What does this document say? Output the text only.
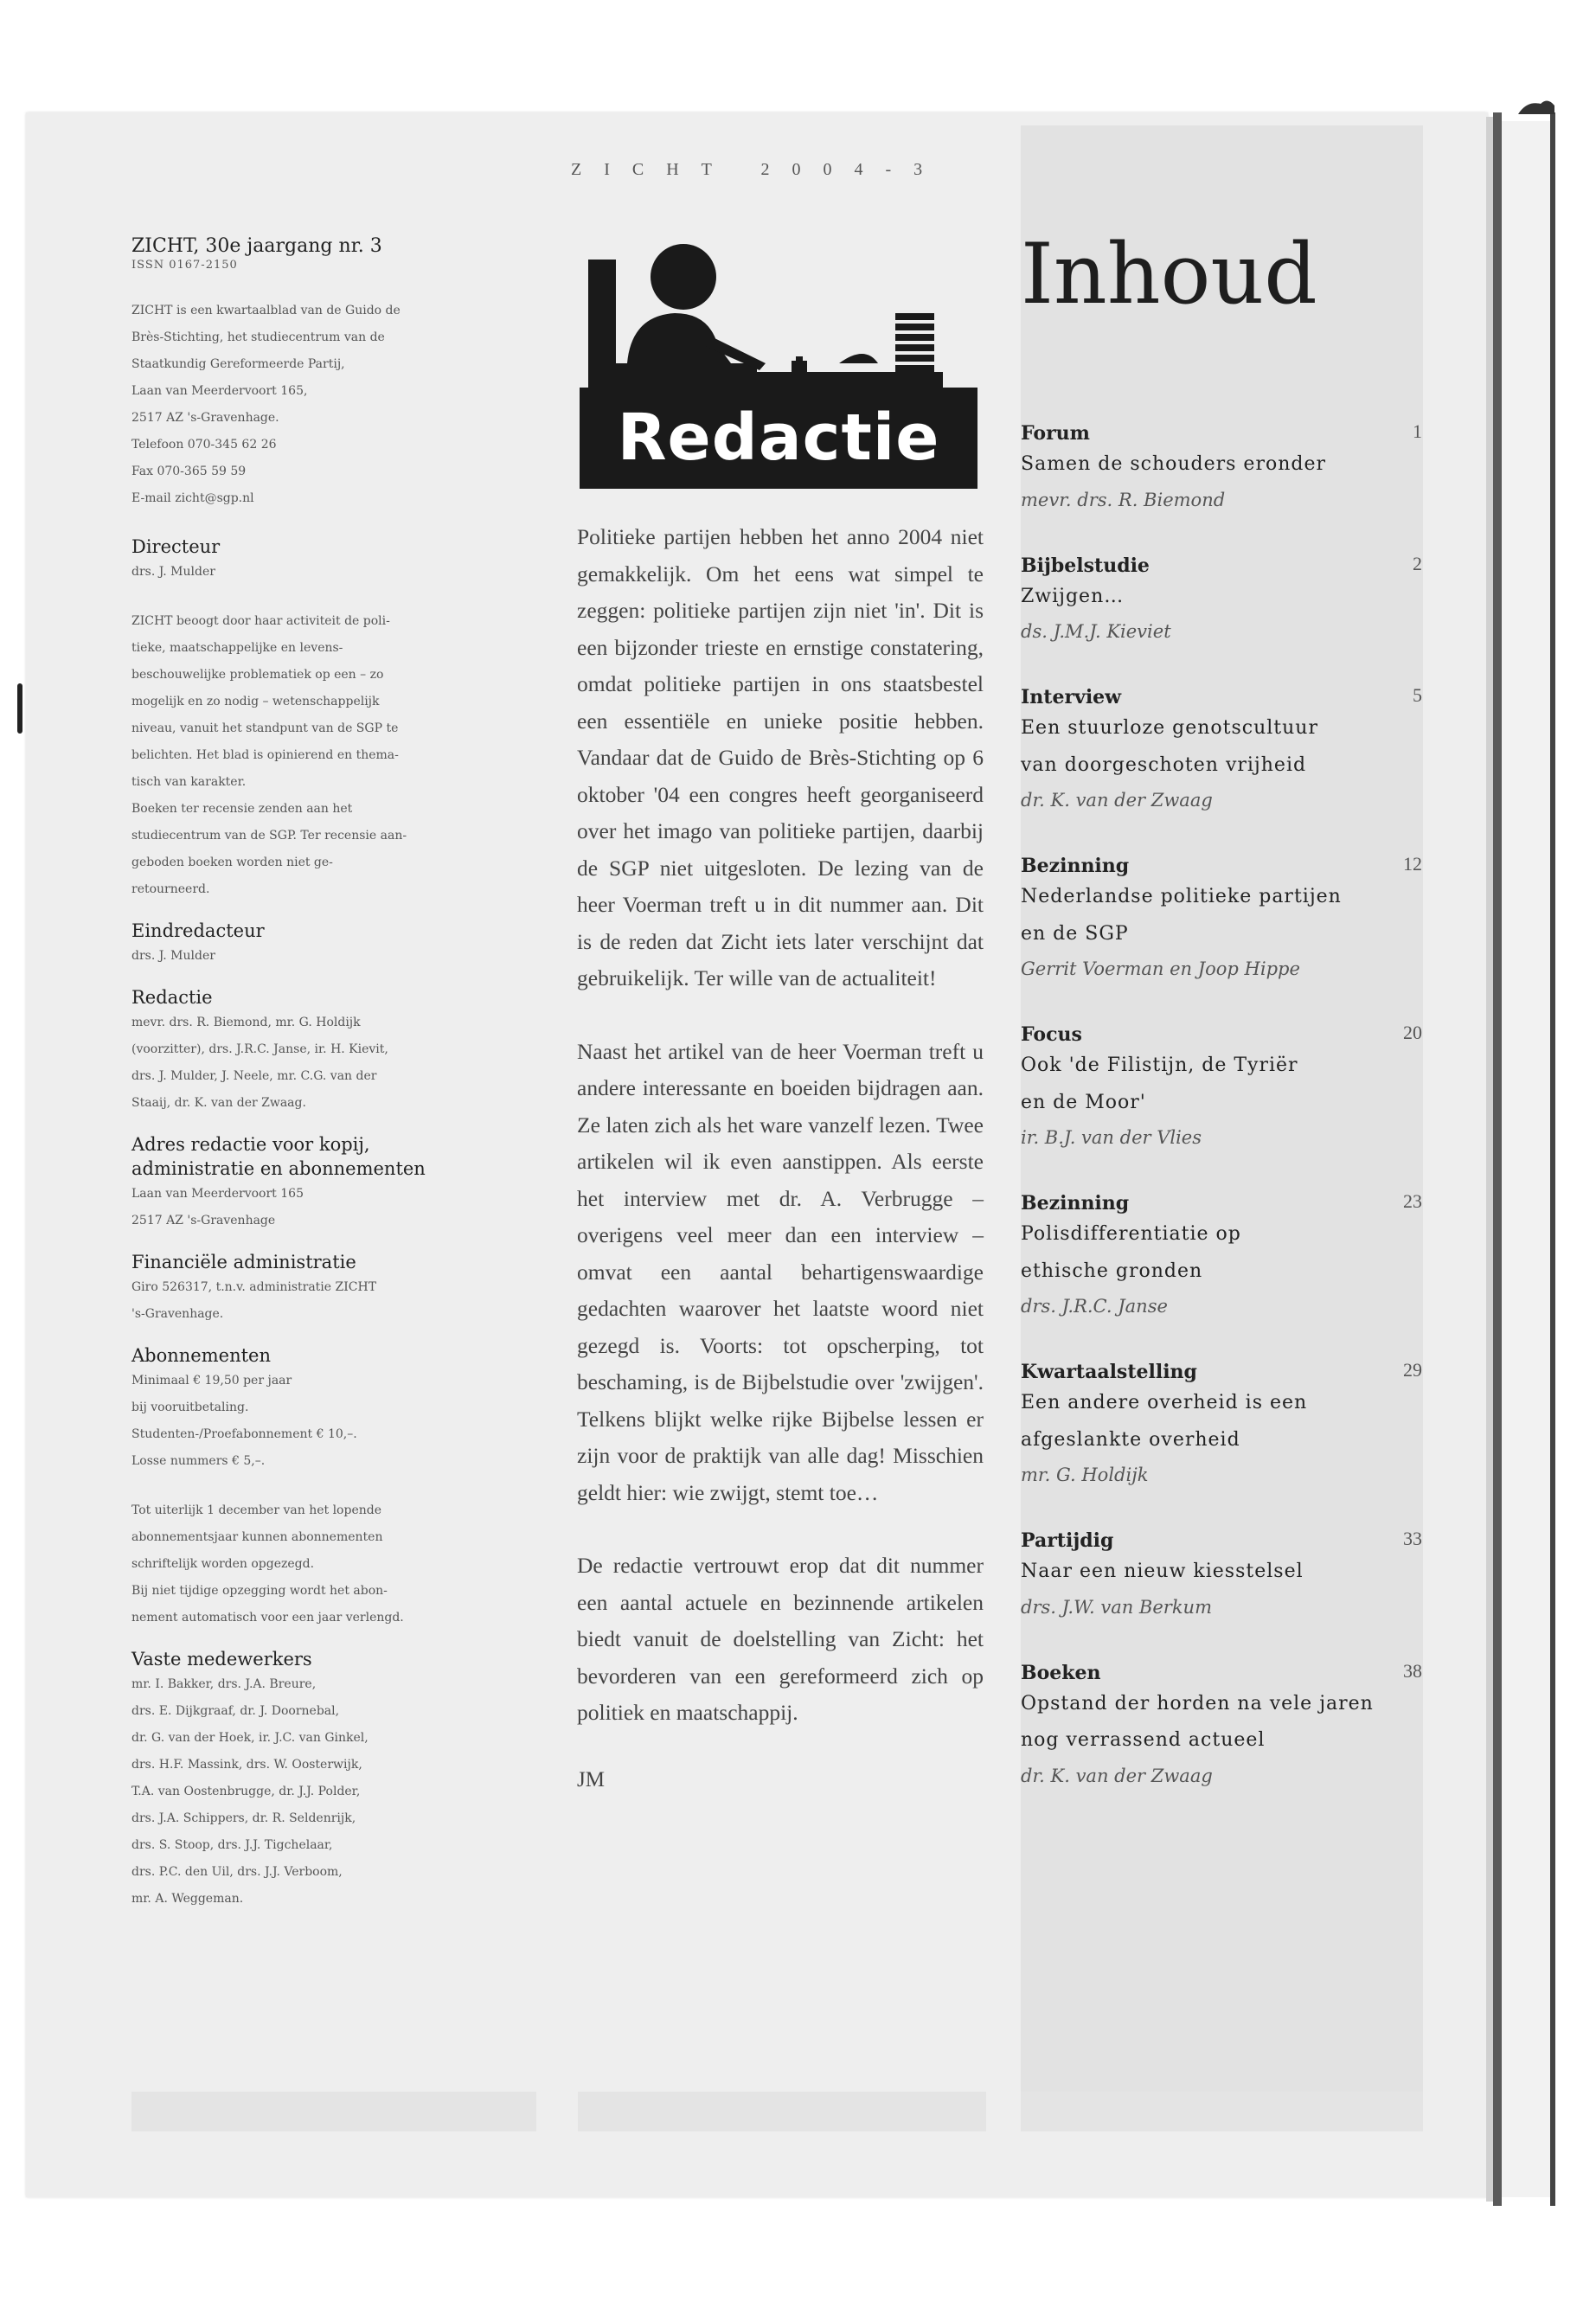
ZICHT 2004-3
ZICHT, 30e jaargang nr. 3
ISSN 0167-2150
ZICHT is een kwartaalblad van de Guido de
Brès-Stichting, het studiecentrum van de
Staatkundig Gereformeerde Partij,
Laan van Meerdervoort 165,
2517 AZ 's-Gravenhage.
Telefoon 070-345 62 26
Fax 070-365 59 59
E-mail zicht@sgp.nl
Directeur
drs. J. Mulder
ZICHT beoogt door haar activiteit de poli-
tieke, maatschappelijke en levens-
beschouwelijke problematiek op een – zo
mogelijk en zo nodig – wetenschappelijk
niveau, vanuit het standpunt van de SGP te
belichten. Het blad is opinierend en thema-
tisch van karakter.
Boeken ter recensie zenden aan het
studiecentrum van de SGP. Ter recensie aan-
geboden boeken worden niet ge-
retourneerd.
Eindredacteur
drs. J. Mulder
Redactie
mevr. drs. R. Biemond, mr. G. Holdijk
(voorzitter), drs. J.R.C. Janse, ir. H. Kievit,
drs. J. Mulder, J. Neele, mr. C.G. van der
Staaij, dr. K. van der Zwaag.
Adres redactie voor kopij,
administratie en abonnementen
Laan van Meerdervoort 165
2517 AZ 's-Gravenhage
Financiële administratie
Giro 526317, t.n.v. administratie ZICHT
's-Gravenhage.
Abonnementen
Minimaal € 19,50 per jaar
bij vooruitbetaling.
Studenten-/Proefabonnement € 10,–.
Losse nummers € 5,–.
Tot uiterlijk 1 december van het lopende
abonnementsjaar kunnen abonnementen
schriftelijk worden opgezegd.
Bij niet tijdige opzegging wordt het abon-
nement automatisch voor een jaar verlengd.
Vaste medewerkers
mr. I. Bakker, drs. J.A. Breure,
drs. E. Dijkgraaf, dr. J. Doornebal,
dr. G. van der Hoek, ir. J.C. van Ginkel,
drs. H.F. Massink, drs. W. Oosterwijk,
T.A. van Oostenbrugge, dr. J.J. Polder,
drs. J.A. Schippers, dr. R. Seldenrijk,
drs. S. Stoop, drs. J.J. Tigchelaar,
drs. P.C. den Uil, drs. J.J. Verboom,
mr. A. Weggeman.
Redactie

Politieke partijen hebben het anno 2004 niet gemakkelijk. Om het eens wat simpel te zeggen: politieke partijen zijn niet 'in'. Dit is een bijzonder trieste en ernstige constatering, omdat politieke partijen in ons staatsbestel een essentiële en unieke positie hebben. Vandaar dat de Guido de Brès-Stichting op 6 oktober '04 een congres heeft georganiseerd over het imago van politieke partijen, daarbij de SGP niet uitgesloten. De lezing van de heer Voerman treft u in dit nummer aan. Dit is de reden dat Zicht iets later verschijnt dat gebruikelijk. Ter wille van de actualiteit!

Naast het artikel van de heer Voerman treft u andere interessante en boeiden bijdragen aan. Ze laten zich als het ware vanzelf lezen. Twee artikelen wil ik even aanstippen. Als eerste het interview met dr. A. Verbrugge – overigens veel meer dan een interview – omvat een aantal behartigenswaardige gedachten waarover het laatste woord niet gezegd is. Voorts: tot opscherping, tot beschaming, is de Bijbelstudie over 'zwijgen'. Telkens blijkt welke rijke Bijbelse lessen er zijn voor de praktijk van alle dag! Misschien geldt hier: wie zwijgt, stemt toe…

De redactie vertrouwt erop dat dit nummer een aantal actuele en bezinnende artikelen biedt vanuit de doelstelling van Zicht: het bevorderen van een gereformeerd zich op politiek en maatschappij.

JM
Inhoud
Forum	1
Samen de schouders eronder
mevr. drs. R. Biemond
Bijbelstudie	2
Zwijgen…
ds. J.M.J. Kieviet
Interview	5
Een stuurloze genotscultuur
van doorgeschoten vrijheid
dr. K. van der Zwaag
Bezinning	12
Nederlandse politieke partijen
en de SGP
Gerrit Voerman en Joop Hippe
Focus	20
Ook 'de Filistijn, de Tyriër
en de Moor'
ir. B.J. van der Vlies
Bezinning	23
Polisdifferentiatie op
ethische gronden
drs. J.R.C. Janse
Kwartaalstelling	29
Een andere overheid is een
afgeslankte overheid
mr. G. Holdijk
Partijdig	33
Naar een nieuw kiesstelsel
drs. J.W. van Berkum
Boeken	38
Opstand der horden na vele jaren
nog verrassend actueel
dr. K. van der Zwaag
